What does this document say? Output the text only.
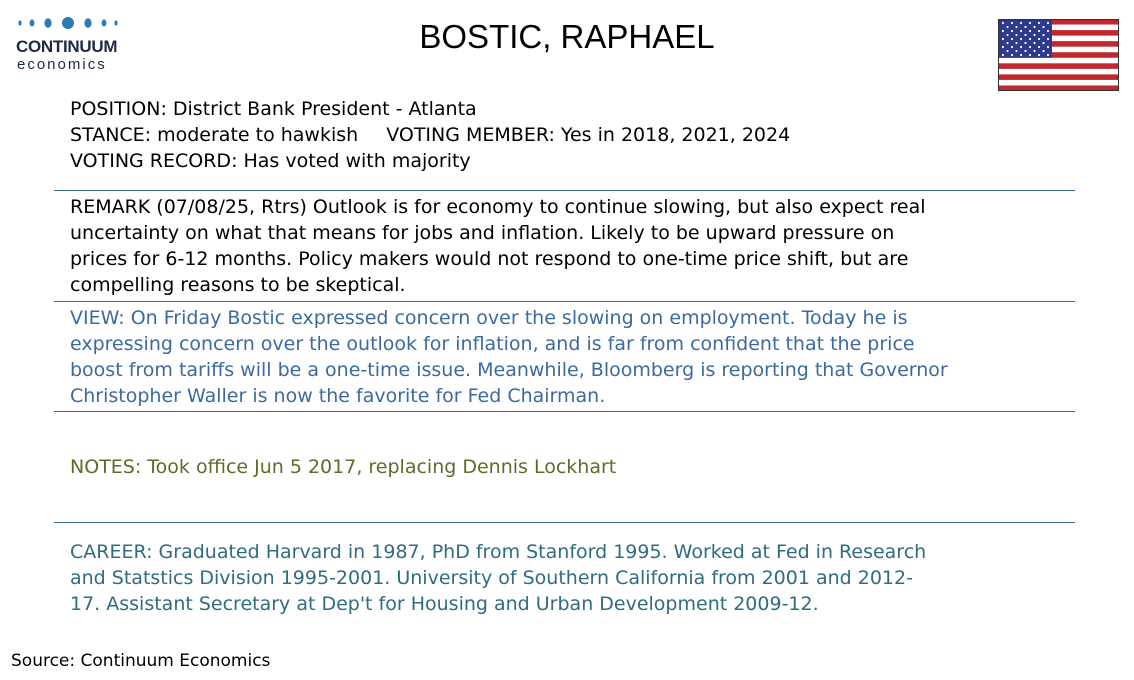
CONTINUUM
economics
BOSTIC, RAPHAEL
POSITION: District Bank President - Atlanta
STANCE: moderate to hawkish VOTING MEMBER: Yes in 2018, 2021, 2024
VOTING RECORD: Has voted with majority
REMARK (07/08/25, Rtrs) Outlook is for economy to continue slowing, but also expect real
uncertainty on what that means for jobs and inflation. Likely to be upward pressure on
prices for 6-12 months. Policy makers would not respond to one-time price shift, but are
compelling reasons to be skeptical.
VIEW: On Friday Bostic expressed concern over the slowing on employment. Today he is
expressing concern over the outlook for inflation, and is far from confident that the price
boost from tariffs will be a one-time issue. Meanwhile, Bloomberg is reporting that Governor
Christopher Waller is now the favorite for Fed Chairman.
NOTES: Took office Jun 5 2017, replacing Dennis Lockhart
CAREER: Graduated Harvard in 1987, PhD from Stanford 1995. Worked at Fed in Research
and Statstics Division 1995-2001. University of Southern California from 2001 and 2012-
17. Assistant Secretary at Dep't for Housing and Urban Development 2009-12.
Source: Continuum Economics
